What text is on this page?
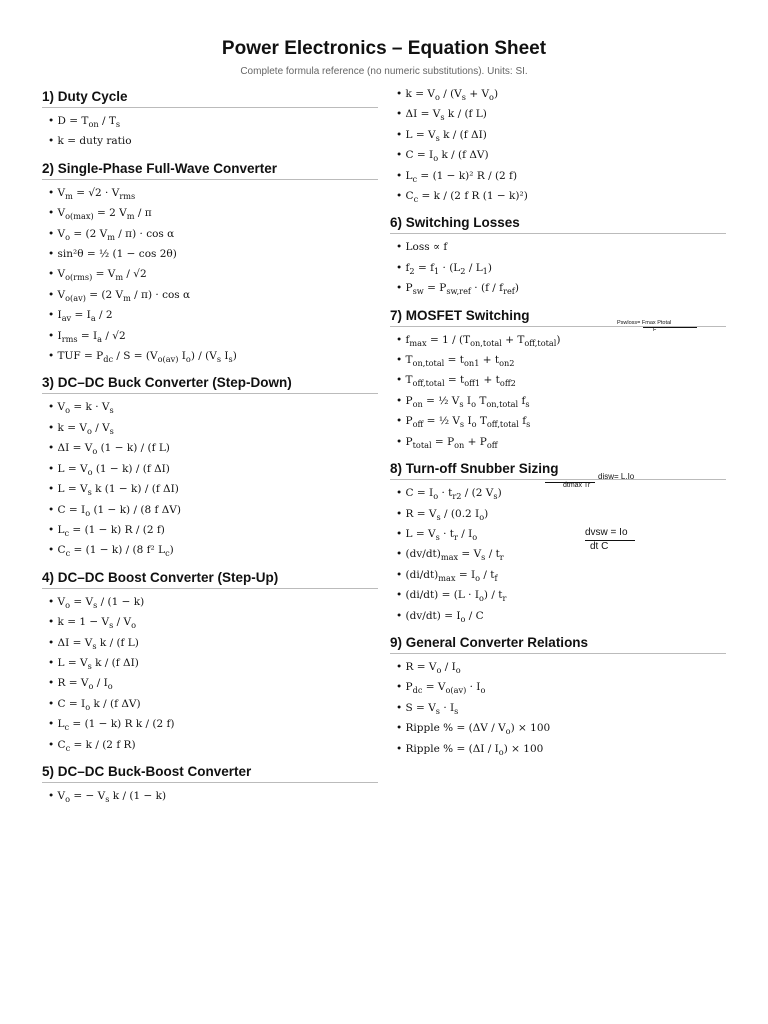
Power Electronics – Equation Sheet
Complete formula reference (no numeric substitutions). Units: SI.
1) Duty Cycle
• $D = T_{on} / T_s$
• k = duty ratio
2) Single-Phase Full-Wave Converter
• $V_m = √2 \cdot V_{rms}$
• $V_{o(max)} = 2$ $V_m$ / π
• $V_o = (2$ $V_m / \pi) \cdot \cos \alpha$
• sin²θ = ½ (1 − cos 2θ)
• $V_{o(rms)} = V_m / √2$
• $V_{o(av)} = (2$ $V_m / \pi) \cdot \cos \alpha$
• $I_{av} = I_a / 2$
• $I_{rms} = I_a / √2$
• TUF = $P_{dc} / S = (V_{o(av)}$ $I_o) / (V_s$ $I_s$)
3) DC–DC Buck Converter (Step-Down)
• $V_o = k \cdot V_s$
• $k = V_o / V_s$
• $\Delta I = V_o$ (1 − k) / (f L)
• $L = V_o$ (1 − k) / (f ΔI)
• $L = V_s$ k (1 − k) / (f ΔI)
• $C = I_o$ (1 − k) / (8 f ΔV)
• $L_c = (1 - k)$ R / (2 f)
• $C_c = (1 - k) / (8$ f² $L_c$)
4) DC–DC Boost Converter (Step-Up)
• $V_o = V_s / (1 - k)$
• $k = 1 - V_s / V_o$
• $\Delta I = V_s$ k / (f L)
• $L = V_s$ k / (f ΔI)
• $R = V_o / I_o$
• $C = I_o$ k / (f ΔV)
• $L_c = (1 - k)$ R k / (2 f)
• $C_c = k / (2$ f R)
5) DC–DC Buck-Boost Converter
• $V_o$ = − $V_s$ k / (1 − k)
• $k = V_o / (V_s + V_o)$
• $\Delta I = V_s$ k / (f L)
• $L = V_s$ k / (f ΔI)
• $C = I_o$ k / (f ΔV)
• $L_c = (1 - k)^2$ R / (2 f)
• $C_c = k / (2$ f R (1 − k)²)
6) Switching Losses
• Loss ∝ f
• $f_2 = f_1 \cdot (L_2 / L_1)$
• $P_{sw} = P_{sw,ref} \cdot (f / f_{ref})$
7) MOSFET Switching
• $f_{max} = 1 / (T_{on,total} + T_{off,total})$
• $T_{on,total} = t_{on1} + t_{on2}$
• $T_{off,total} = t_{off1} + t_{off2}$
• $P_{on}$ = ½ $V_s$ $I_o$ $T_{on,total}$ $f_s$
• $P_{off}$ = ½ $V_s$ $I_o$ $T_{off,total}$ $f_s$
• $P_{total} = P_{on} + P_{off}$
8) Turn-off Snubber Sizing
• $C = I_o \cdot t_{r2} / (2$ $V_s$)
• $R = V_s / (0.2$ $I_o$)
• $L = V_s \cdot t_r / I_o$
• $(dv/dt)_{max} = V_s / t_r$
• $(di/dt)_{max} = I_o / t_f$
• $(di/dt) = (L \cdot I_o) / t_r$
• $(dv/dt) = I_o / C$
9) General Converter Relations
• $R = V_o / I_o$
• $P_{dc} = V_{o(av)} \cdot I_o$
• $S = V_s \cdot I_s$
• Ripple % = $(\Delta V / V_o) \times 100$
• Ripple % = $(\Delta I / I_o) \times 100$
Pswloss= Fmax Ptotal
F
disw= L.Io
dtmax Tr
dvsw = Io
dt C
